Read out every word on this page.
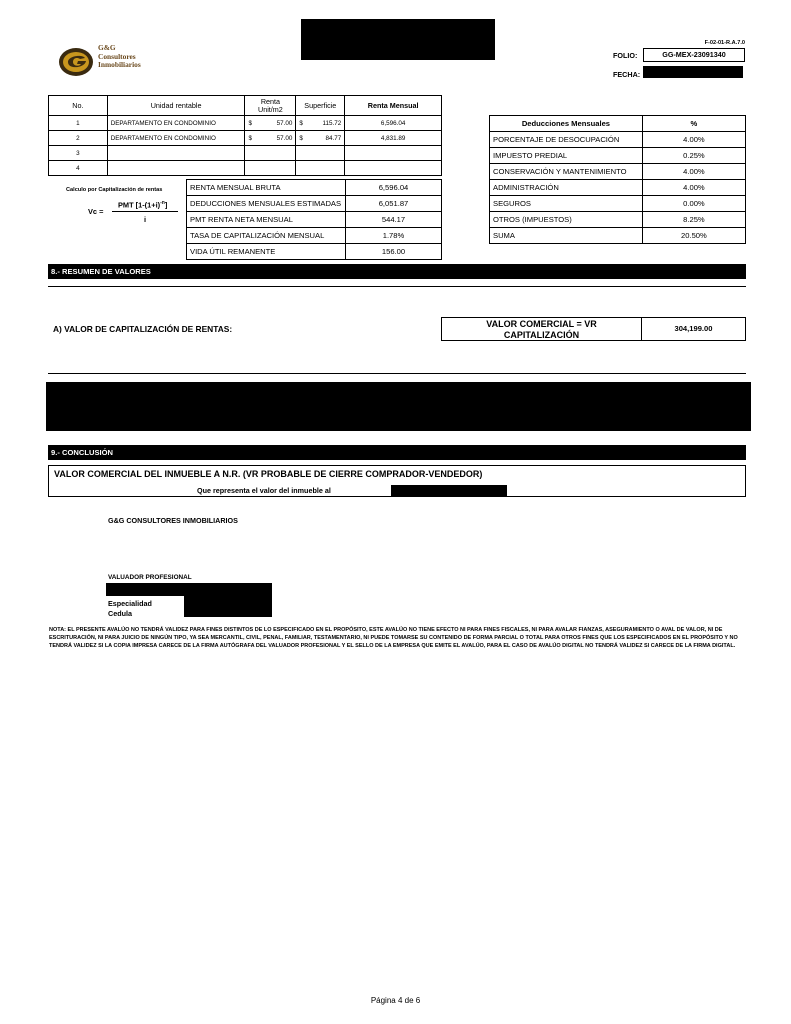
G&G
Consultores
Inmobiliarios
F-02-01-R.A.7.0
FOLIO:	GG-MEX-23091340
FECHA:
No.	Unidad rentable	Renta Unit/m2		Superficie		Renta Mensual
1	DEPARTAMENTO EN CONDOMINIO	$	57.00	$	115.72	6,596.04
2	DEPARTAMENTO EN CONDOMINIO	$	57.00	$	84.77	4,831.89
3						
4						
Calculo por Capitalización de rentas
Vc =
PMT $[1-(1+i)^{-n}]$
i
RENTA MENSUAL BRUTA	6,596.04
DEDUCCIONES MENSUALES ESTIMADAS	6,051.87
PMT RENTA NETA MENSUAL	544.17
TASA DE CAPITALIZACIÓN MENSUAL	1.78%
VIDA ÚTIL REMANENTE	156.00
Deducciones Mensuales	%
PORCENTAJE DE DESOCUPACIÓN	4.00%
IMPUESTO PREDIAL	0.25%
CONSERVACIÓN Y MANTENIMIENTO	4.00%
ADMINISTRACIÓN	4.00%
SEGUROS	0.00%
OTROS (IMPUESTOS)	8.25%
SUMA	20.50%
8.- RESUMEN DE VALORES
A) VALOR DE CAPITALIZACIÓN DE RENTAS:	VALOR COMERCIAL = VR
CAPITALIZACIÓN
304,199.00
9.- CONCLUSIÓN
VALOR COMERCIAL DEL INMUEBLE A N.R. (VR PROBABLE DE CIERRE COMPRADOR-VENDEDOR)
Que representa el valor del inmueble al
G&G CONSULTORES INMOBILIARIOS
VALUADOR PROFESIONAL
Especialidad
Cedula
NOTA: EL PRESENTE AVALÚO NO TENDRÁ VALIDEZ PARA FINES DISTINTOS DE LO ESPECIFICADO EN EL PROPÓSITO, ESTE AVALÚO NO TIENE EFECTO NI PARA FINES FISCALES, NI PARA AVALAR FIANZAS, ASEGURAMIENTO O AVAL DE VALOR, NI DE ESCRITURACIÓN, NI PARA JUICIO DE NINGÚN TIPO, YA SEA MERCANTIL, CIVIL, PENAL, FAMILIAR, TESTAMENTARIO, NI PUEDE TOMARSE SU CONTENIDO DE FORMA PARCIAL O TOTAL PARA OTROS FINES QUE LOS ESPECIFICADOS EN EL PROPÓSITO Y NO TENDRÁ VALIDEZ SI LA COPIA IMPRESA CARECE DE LA FIRMA AUTÓGRAFA DEL VALUADOR PROFESIONAL Y EL SELLO DE LA EMPRESA QUE EMITE EL AVALÚO, PARA EL CASO DE AVALÚO DIGITAL NO TENDRÁ VALIDEZ SI CARECE DE LA FIRMA DIGITAL.
Página 4 de 6
